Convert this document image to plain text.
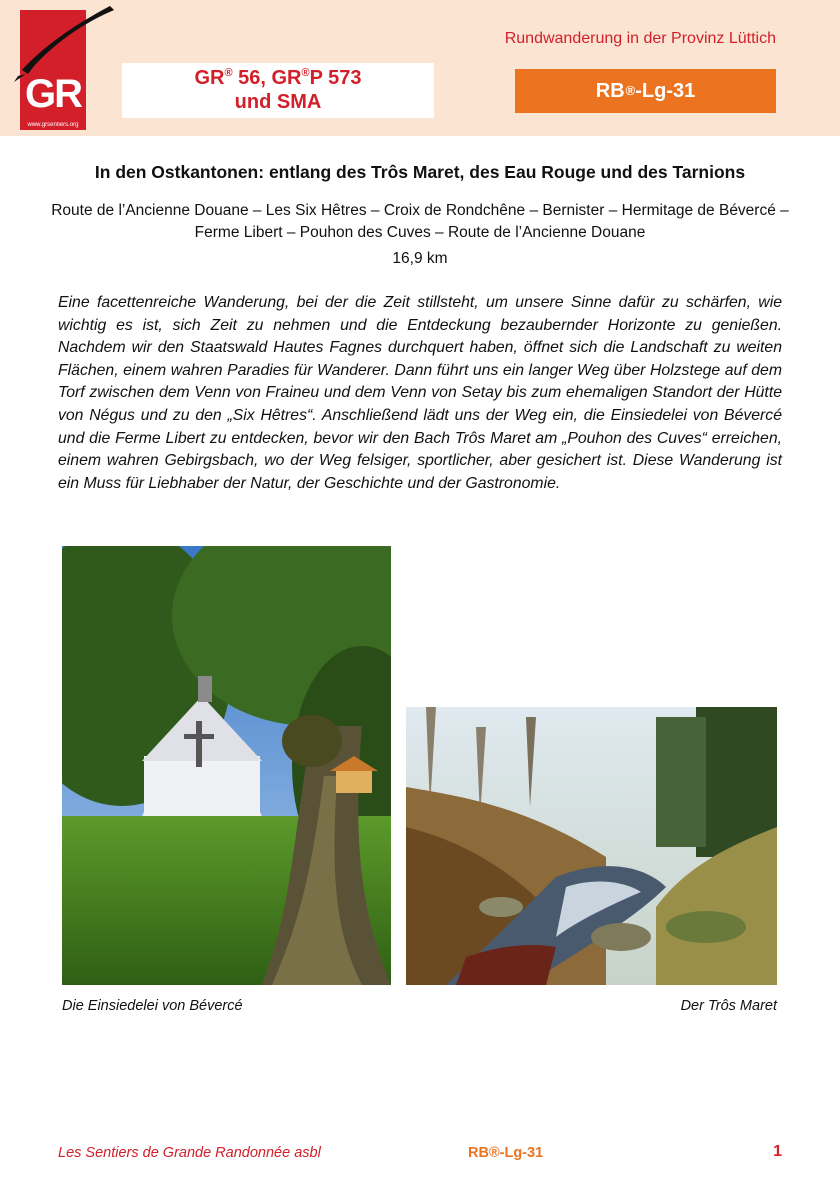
GR
www.grsentiers.org
GR® 56, GR®P 573
und SMA
Rundwanderung in der Provinz Lüttich
RB ® -Lg-31
In den Ostkantonen: entlang des Trôs Maret, des Eau Rouge und des Tarnions
Route de l’Ancienne Douane – Les Six Hêtres – Croix de Rondchêne – Bernister – Hermitage de Bévercé – Ferme Libert – Pouhon des Cuves – Route de l’Ancienne Douane
16,9 km

Eine facettenreiche Wanderung, bei der die Zeit stillsteht, um unsere Sinne dafür zu schärfen, wie wichtig es ist, sich Zeit zu nehmen und die Entdeckung bezaubernder Horizonte zu genießen. Nachdem wir den Staatswald Hautes Fagnes durchquert haben, öffnet sich die Landschaft zu weiten Flächen, einem wahren Paradies für Wanderer. Dann führt uns ein langer Weg über Holzstege auf dem Torf zwischen dem Venn von Fraineu und dem Venn von Setay bis zum ehemaligen Standort der Hütte von Négus und zu den „Six Hêtres“. Anschließend lädt uns der Weg ein, die Einsiedelei von Béverсé und die Ferme Libert zu entdecken, bevor wir den Bach Trôs Maret am „Pouhon des Cuves“ erreichen, einem wahren Gebirgsbach, wo der Weg felsiger, sportlicher, aber gesichert ist. Diese Wanderung ist ein Muss für Liebhaber der Natur, der Geschichte und der Gastronomie.

Die Einsiedelei von Béverсé	Der Trôs Maret
Les Sentiers de Grande Randonnée asbl	RB®-Lg-31	1
